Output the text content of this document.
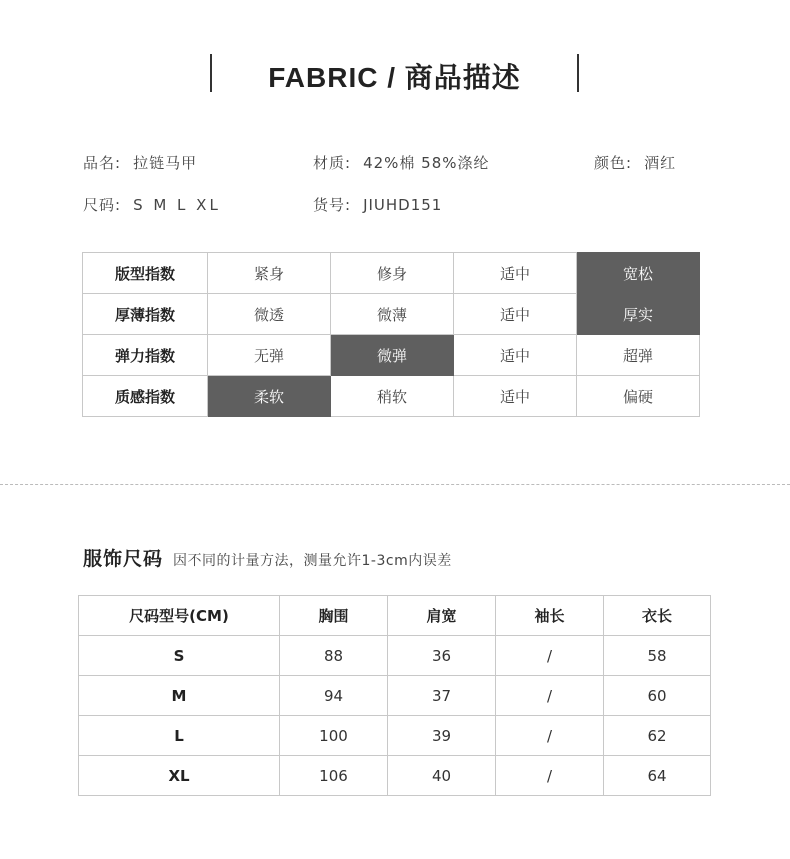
FABRIC / 商品描述
品名: 拉链马甲	材质: 42%棉 58%涤纶	颜色: 酒红
尺码: S M L XL	货号: JIUHD151
版型指数	紧身	修身	适中	宽松
厚薄指数	微透	微薄	适中	厚实
弹力指数	无弹	微弹	适中	超弹
质感指数	柔软	稍软	适中	偏硬
服饰尺码 因不同的计量方法，测量允许1-3cm内误差
尺码型号(CM)	胸围	肩宽	袖长	衣长
S	88	36	/	58
M	94	37	/	60
L	100	39	/	62
XL	106	40	/	64
